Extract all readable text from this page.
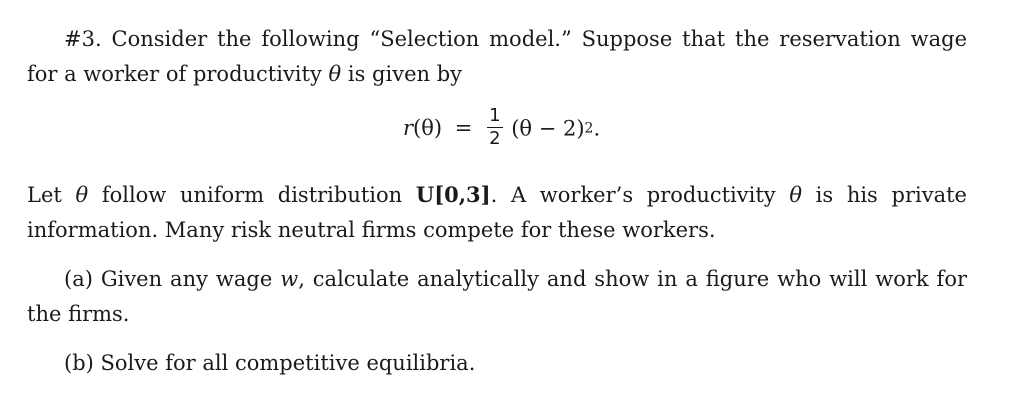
#3. Consider the following “Selection model.” Suppose that the reservation wage for a worker of productivity θ is given by

$r(\theta) = \frac{1}{2} (\theta - 2)2$.

Let θ follow uniform distribution U[0,3]. A worker’s productivity θ is his private information. Many risk neutral firms compete for these workers.

(a) Given any wage w, calculate analytically and show in a figure who will work for the firms.

(b) Solve for all competitive equilibria.
